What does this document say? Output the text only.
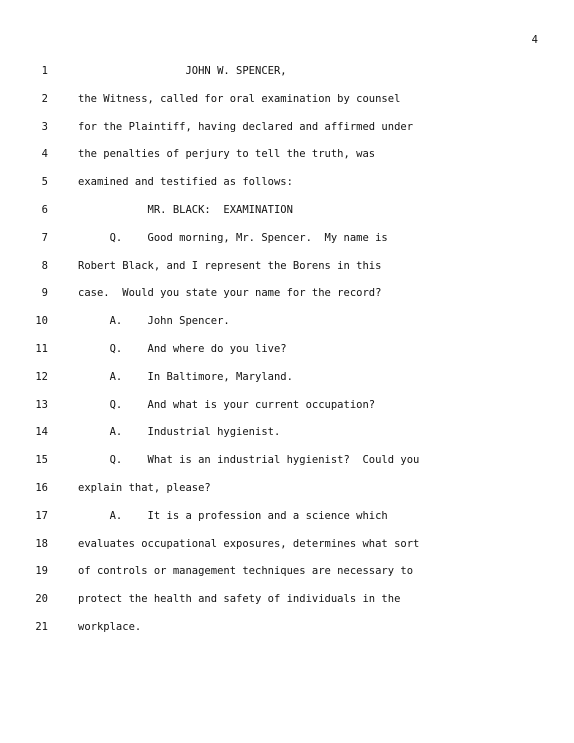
4
1	JOHN W. SPENCER,
2	the Witness, called for oral examination by counsel
3	for the Plaintiff, having declared and affirmed under
4	the penalties of perjury to tell the truth, was
5	examined and testified as follows:
6	MR. BLACK:  EXAMINATION
7	Q.    Good morning, Mr. Spencer.  My name is
8	Robert Black, and I represent the Borens in this
9	case.  Would you state your name for the record?
10	A.    John Spencer.
11	Q.    And where do you live?
12	A.    In Baltimore, Maryland.
13	Q.    And what is your current occupation?
14	A.    Industrial hygienist.
15	Q.    What is an industrial hygienist?  Could you
16	explain that, please?
17	A.    It is a profession and a science which
18	evaluates occupational exposures, determines what sort
19	of controls or management techniques are necessary to
20	protect the health and safety of individuals in the
21	workplace.
